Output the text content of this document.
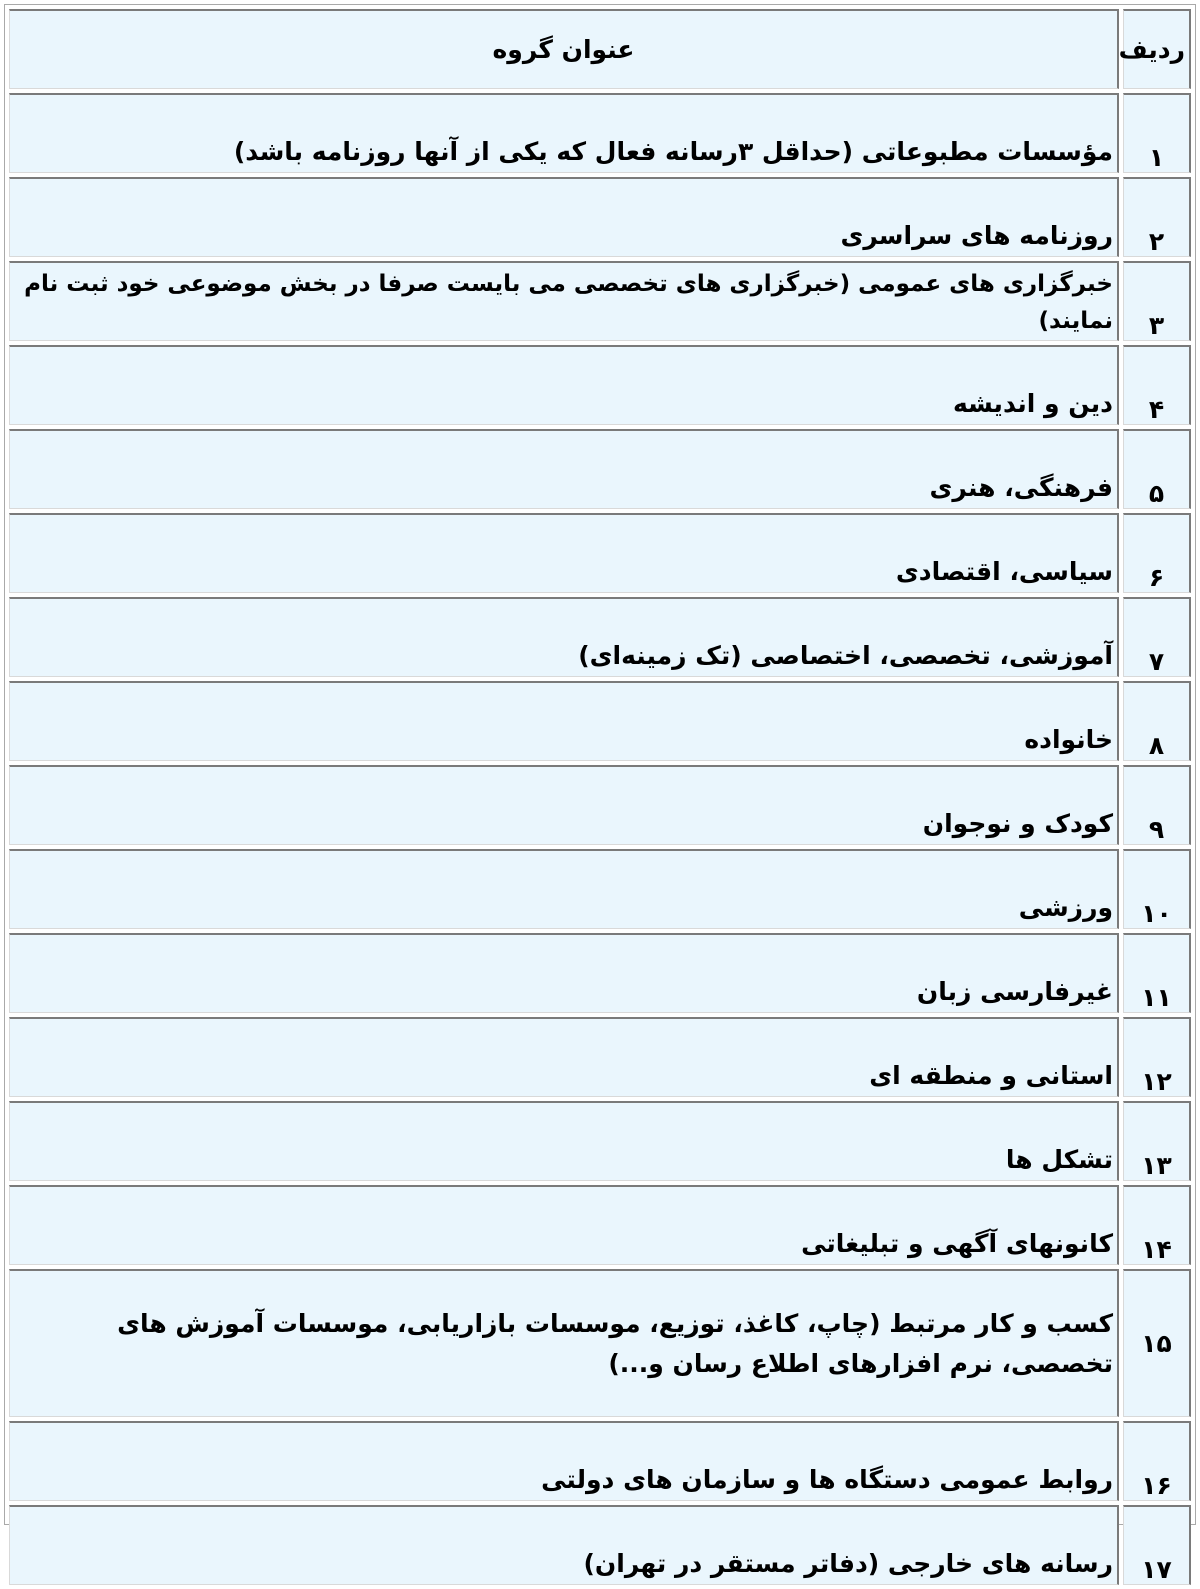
ردیف	عنوان گروه
۱	مؤسسات مطبوعاتی (حداقل ۳رسانه فعال که یکی از آنها روزنامه باشد)
۲	روزنامه های سراسری
۳	خبرگزاری های عمومی (خبرگزاری های تخصصی می بایست صرفا در بخش موضوعی خود ثبت نام نمایند)
۴	دین و اندیشه
۵	فرهنگی، هنری
۶	سیاسی، اقتصادی
۷	آموزشی، تخصصی، اختصاصی (تک زمینه‌ای)
۸	خانواده
۹	کودک و نوجوان
۱۰	ورزشی
۱۱	غیرفارسی زبان
۱۲	استانی و منطقه ای
۱۳	تشکل ها
۱۴	کانونهای آگهی و تبلیغاتی
۱۵	کسب و کار مرتبط (چاپ، کاغذ، توزیع، موسسات بازاریابی، موسسات آموزش های تخصصی، نرم افزارهای اطلاع رسان و...)
۱۶	روابط عمومی دستگاه ها و سازمان های دولتی
۱۷	رسانه های خارجی (دفاتر مستقر در تهران)
